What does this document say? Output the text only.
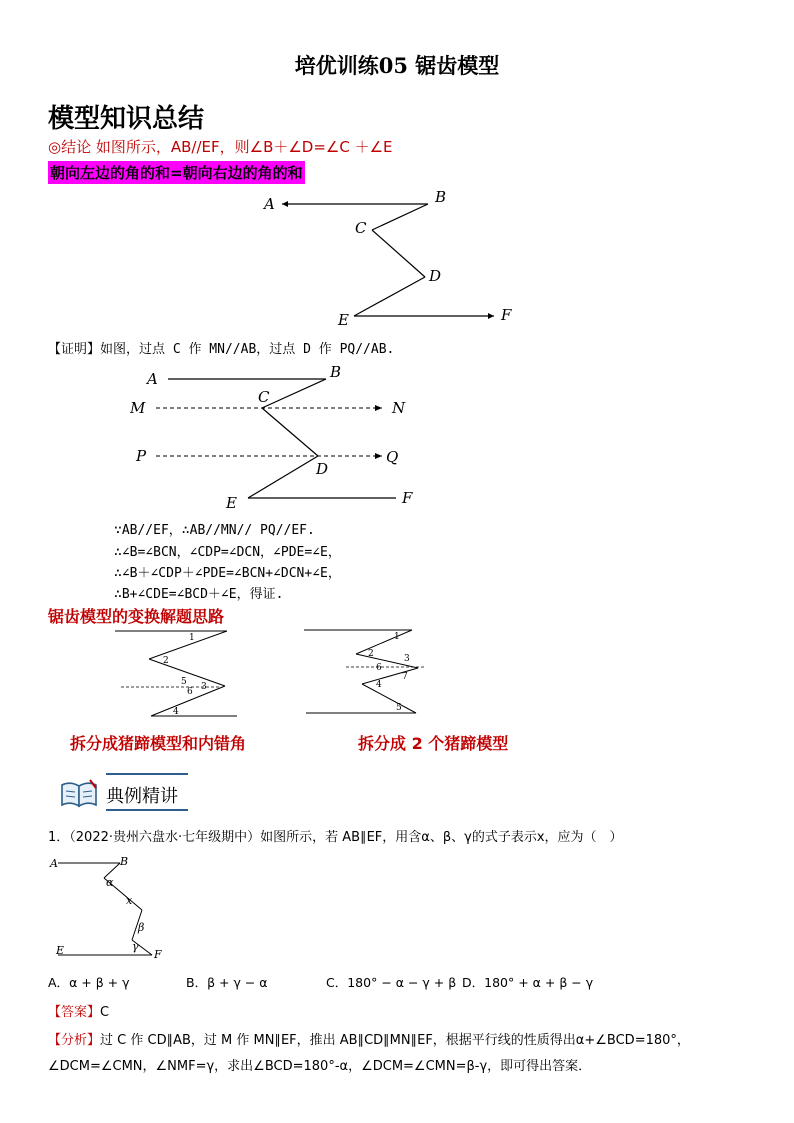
培优训练05 锯齿模型
模型知识总结
◎结论 如图所示，AB//EF，则∠B＋∠D=∠C ＋∠E
朝向左边的角的和=朝向右边的角的和
A	B
C
D
E	F
【证明】如图，过点 C 作 MN//AB，过点 D 作 PQ//AB.
A	B
M
C
N
P
D
Q
E	F
∵AB//EF，∴AB//MN// PQ//EF.
∴∠B=∠BCN，∠CDP=∠DCN，∠PDE=∠E，
∴∠B＋∠CDP＋∠PDE=∠BCN+∠DCN+∠E，
∴B+∠CDE=∠BCD＋∠E，得证.
锯齿模型的变换解题思路
1
2
5
6 3
4
1
2	3
6
4
7
5
拆分成猪蹄模型和内错角	拆分成 2 个猪蹄模型
典例精讲
1．（2022·贵州六盘水·七年级期中）如图所示，若 AB∥EF，用含α、β、γ的式子表示x，应为（　）
A	B
α
x
β
γ
E	F
A．α + β + γ	B．β + γ − α	C．180° − α − γ + β D．180° + α + β − γ
【答案】C
【分析】过 C 作 CD∥AB，过 M 作 MN∥EF，推出 AB∥CD∥MN∥EF，根据平行线的性质得出α+∠BCD=180°，
∠DCM=∠CMN，∠NMF=γ，求出∠BCD=180°-α，∠DCM=∠CMN=β-γ，即可得出答案．
